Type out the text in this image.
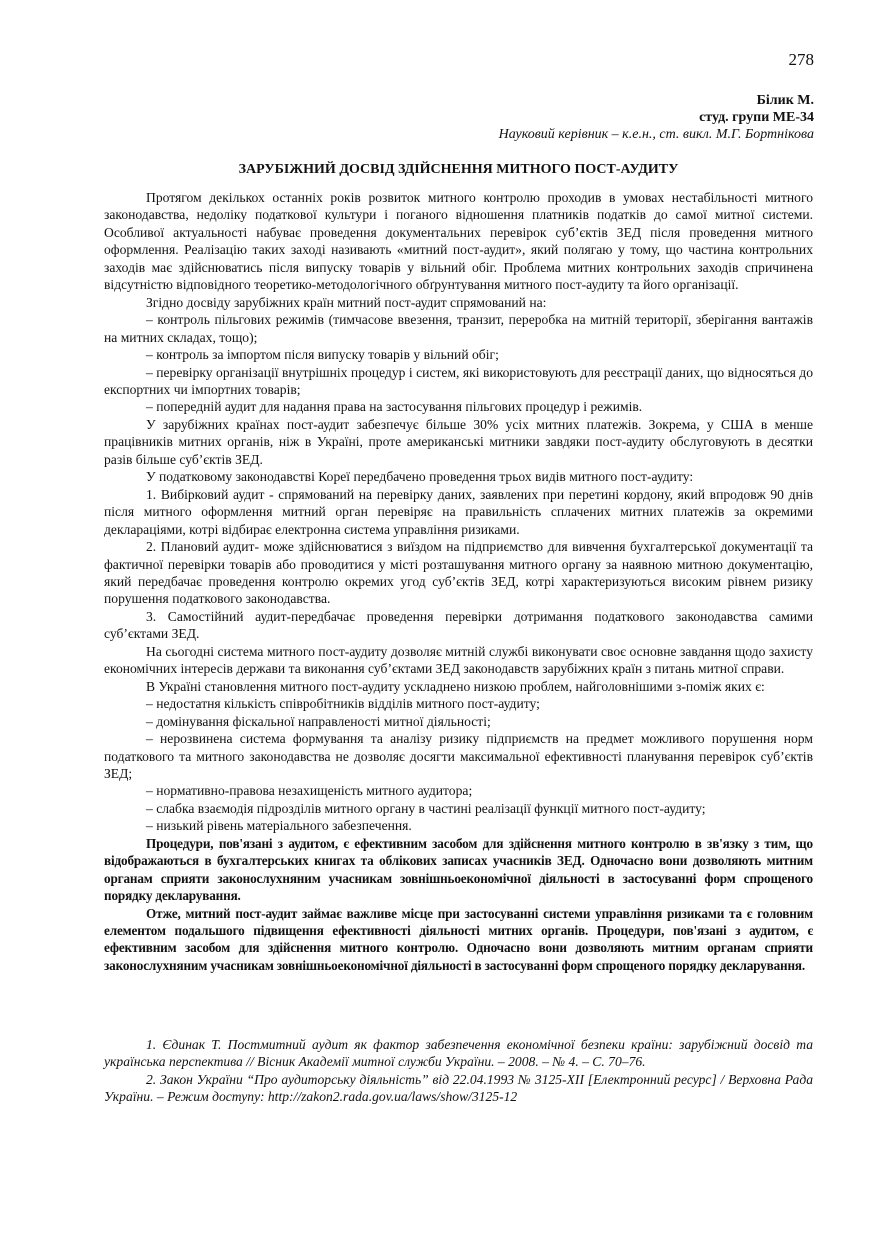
278
Білик М.
студ. групи МЕ-34
Науковий керівник – к.е.н., ст. викл. М.Г. Бортнікова
ЗАРУБІЖНИЙ ДОСВІД ЗДІЙСНЕННЯ МИТНОГО ПОСТ-АУДИТУ

Протягом декількох останніх років розвиток митного контролю проходив в умовах нестабільності митного законодавства, недоліку податкової культури і поганого відношення платників податків до самої митної системи. Особливої актуальності набуває проведення документальних перевірок суб’єктів ЗЕД після проведення митного оформлення. Реалізацію таких заході називають «митний пост-аудит», який полягаю у тому, що частина контрольних заходів має здійснюватись після випуску товарів у вільний обіг. Проблема митних контрольних заходів спричинена відсутністю відповідного теоретико-методологічного обґрунтування митного пост-аудиту та його організації.

Згідно досвіду зарубіжних країн митний пост-аудит спрямований на:

– контроль пільгових режимів (тимчасове ввезення, транзит, переробка на митній території, зберігання вантажів на митних складах, тощо);

– контроль за імпортом після випуску товарів у вільний обіг;

– перевірку організації внутрішніх процедур і систем, які використовують для реєстрації даних, що відносяться до експортних чи імпортних товарів;

– попередній аудит для надання права на застосування пільгових процедур і режимів.

У зарубіжних країнах пост-аудит забезпечує більше 30% усіх митних платежів. Зокрема, у США в менше працівників митних органів, ніж в Україні, проте американські митники завдяки пост-аудиту обслуговують в десятки разів більше суб’єктів ЗЕД.

У податковому законодавстві Кореї передбачено проведення трьох видів митного пост-аудиту:

1. Вибірковий аудит - спрямований на перевірку даних, заявлених при перетині кордону, який впродовж 90 днів після митного оформлення митний орган перевіряє на правильність сплачених митних платежів за окремими деклараціями, котрі відбирає електронна система управління ризиками.

2. Плановий аудит- може здійснюватися з виїздом на підприємство для вивчення бухгалтерської документації та фактичної перевірки товарів або проводитися у місті розташування митного органу за наявною митною документацію, який передбачає проведення контролю окремих угод суб’єктів ЗЕД, котрі характеризуються високим рівнем ризику порушення податкового законодавства.

3. Самостійний аудит-передбачає проведення перевірки дотримання податкового законодавства самими суб’єктами ЗЕД.

На сьогодні система митного пост-аудиту дозволяє митній службі виконувати своє основне завдання щодо захисту економічних інтересів держави та виконання суб’єктами ЗЕД законодавств зарубіжних країн з питань митної справи.

В Україні становлення митного пост-аудиту ускладнено низкою проблем, найголовнішими з-поміж яких є:

– недостатня кількість співробітників відділів митного пост-аудиту;

– домінування фіскальної направленості митної діяльності;

– нерозвинена система формування та аналізу ризику підприємств на предмет можливого порушення норм податкового та митного законодавства не дозволяє досягти максимальної ефективності планування перевірок суб’єктів ЗЕД;

– нормативно-правова незахищеність митного аудитора;

– слабка взаємодія підрозділів митного органу в частині реалізації функції митного пост-аудиту;

– низький рівень матеріального забезпечення.

Процедури, пов'язані з аудитом, є ефективним засобом для здійснення митного контролю в зв'язку з тим, що відображаються в бухгалтерських книгах та облікових записах учасників ЗЕД. Одночасно вони дозволяють митним органам сприяти законослухняним учасникам зовнішньоекономічної діяльності в застосуванні форм спрощеного порядку декларування.

Отже, митний пост-аудит займає важливе місце при застосуванні системи управління ризиками та є головним елементом подальшого підвищення ефективності діяльності митних органів. Процедури, пов'язані з аудитом, є ефективним засобом для здійснення митного контролю. Одночасно вони дозволяють митним органам сприяти законослухняним учасникам зовнішньоекономічної діяльності в застосуванні форм спрощеного порядку декларування.

1. Єдинак Т. Постмитний аудит як фактор забезпечення економічної безпеки країни: зарубіжний досвід та українська перспектива // Вісник Академії митної служби України. – 2008. – № 4. – С. 70–76.

2. Закон України “Про аудиторську діяльність” від 22.04.1993 № 3125-XII [Електронний ресурс] / Верховна Рада України. – Режим доступу: http://zakon2.rada.gov.ua/laws/show/3125-12
